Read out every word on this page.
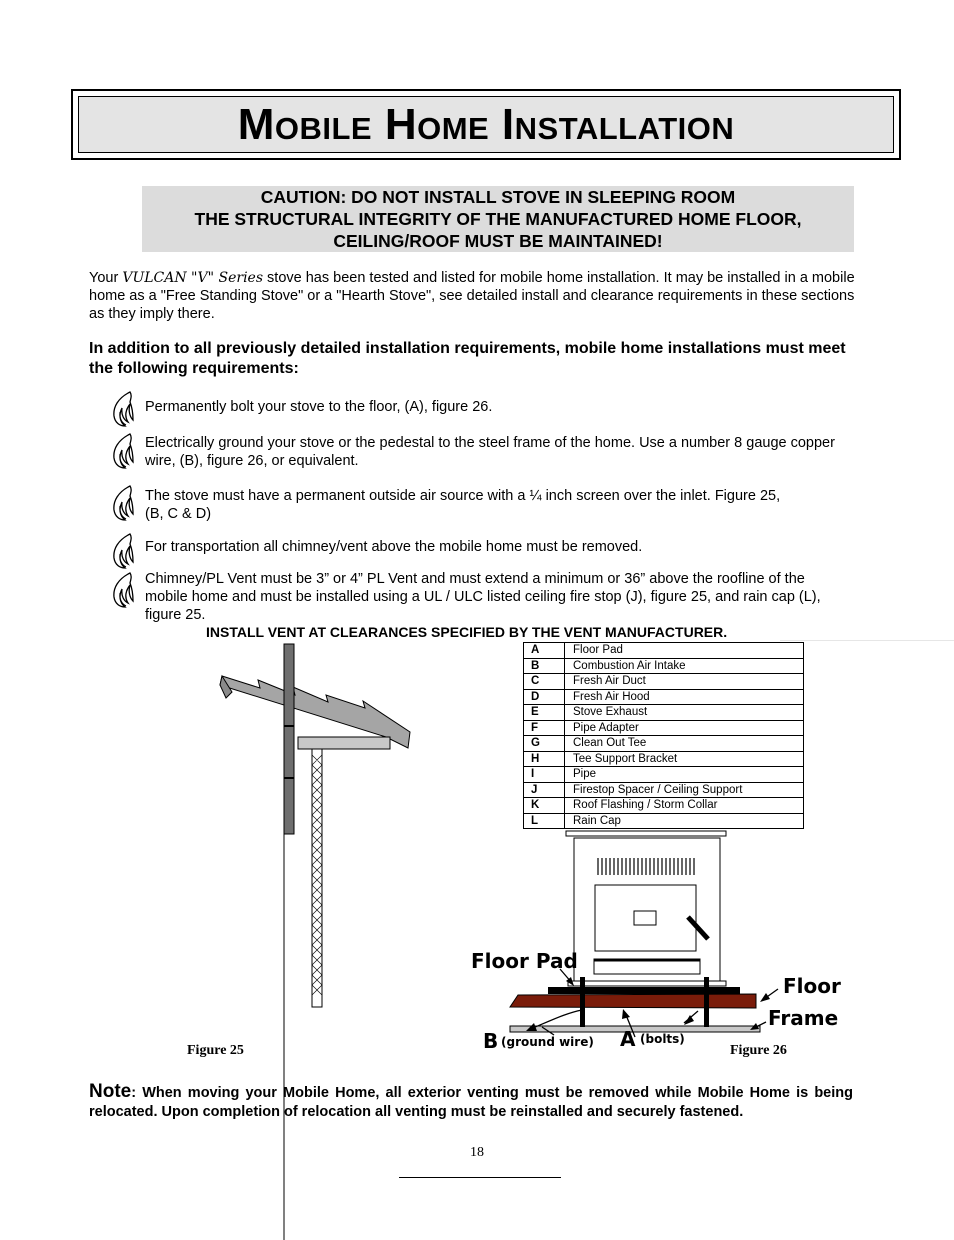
Mobile Home Installation
CAUTION: DO NOT INSTALL STOVE IN SLEEPING ROOM
THE STRUCTURAL INTEGRITY OF THE MANUFACTURED HOME FLOOR,
CEILING/ROOF MUST BE MAINTAINED!
Your VULCAN "V" Series stove has been tested and listed for mobile home installation. It may be installed in a mobile home as a "Free Standing Stove" or a "Hearth Stove", see detailed install and clearance requirements in these sections as they imply there.
In addition to all previously detailed installation requirements, mobile home installations must meet the following requirements:
Permanently bolt your stove to the floor, (A), figure 26.
Electrically ground your stove or the pedestal to the steel frame of the home. Use a number 8 gauge copper wire, (B), figure 26, or equivalent.
The stove must have a permanent outside air source with a ¼ inch screen over the inlet. Figure 25, (B, C & D)
For transportation all chimney/vent above the mobile home must be removed.
Chimney/PL Vent must be 3” or 4” PL Vent and must extend a minimum or 36” above the roofline of the mobile home and must be installed using a UL / ULC listed ceiling fire stop (J), figure 25, and rain cap (L), figure 25.
INSTALL VENT AT CLEARANCES SPECIFIED BY THE VENT MANUFACTURER.
A	Floor Pad
B	Combustion Air Intake
C	Fresh Air Duct
D	Fresh Air Hood
E	Stove Exhaust
F	Pipe Adapter
G	Clean Out Tee
H	Tee Support Bracket
I	Pipe
J	Firestop Spacer / Ceiling Support
K	Roof Flashing / Storm Collar
L	Rain Cap
Floor Pad
Floor
Frame
B (ground wire) A (bolts)
Figure 25	Figure 26
Note: When moving your Mobile Home, all exterior venting must be removed while Mobile Home is being relocated. Upon completion of relocation all venting must be reinstalled and securely fastened.
18
